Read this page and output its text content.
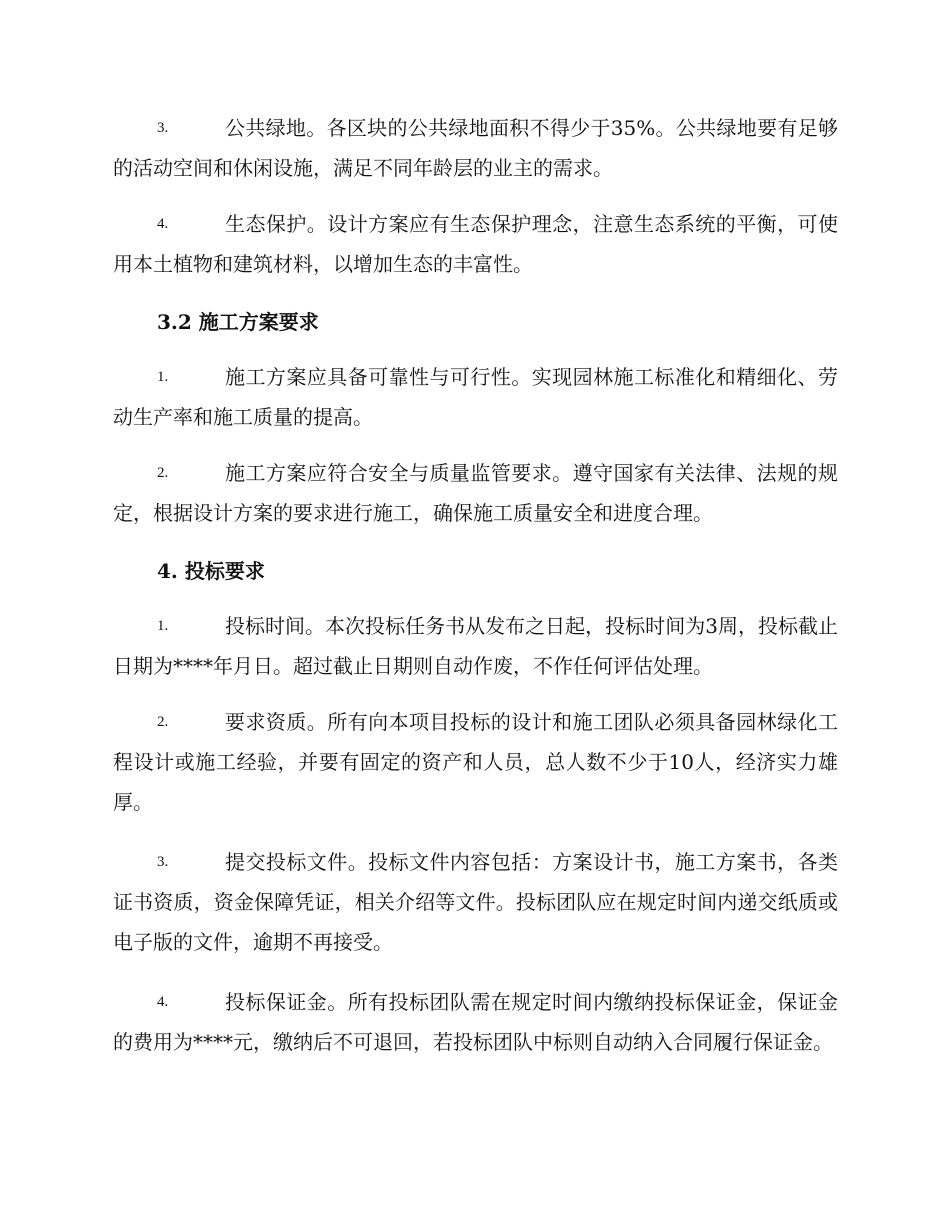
3.	公共绿地。各区块的公共绿地面积不得少于35%。公共绿地要有足够的活动空间和休闲设施，满足不同年龄层的业主的需求。

4.	生态保护。设计方案应有生态保护理念，注意生态系统的平衡，可使用本土植物和建筑材料，以增加生态的丰富性。

3.2 施工方案要求

1.	施工方案应具备可靠性与可行性。实现园林施工标准化和精细化、劳动生产率和施工质量的提高。

2.	施工方案应符合安全与质量监管要求。遵守国家有关法律、法规的规定，根据设计方案的要求进行施工，确保施工质量安全和进度合理。

4. 投标要求

1.	投标时间。本次投标任务书从发布之日起，投标时间为3周，投标截止日期为****年月日。超过截止日期则自动作废，不作任何评估处理。

2.	要求资质。所有向本项目投标的设计和施工团队必须具备园林绿化工程设计或施工经验，并要有固定的资产和人员，总人数不少于10人，经济实力雄厚。

3.	提交投标文件。投标文件内容包括：方案设计书，施工方案书，各类证书资质，资金保障凭证，相关介绍等文件。投标团队应在规定时间内递交纸质或电子版的文件，逾期不再接受。

4.	投标保证金。所有投标团队需在规定时间内缴纳投标保证金，保证金的费用为****元，缴纳后不可退回，若投标团队中标则自动纳入合同履行保证金。
